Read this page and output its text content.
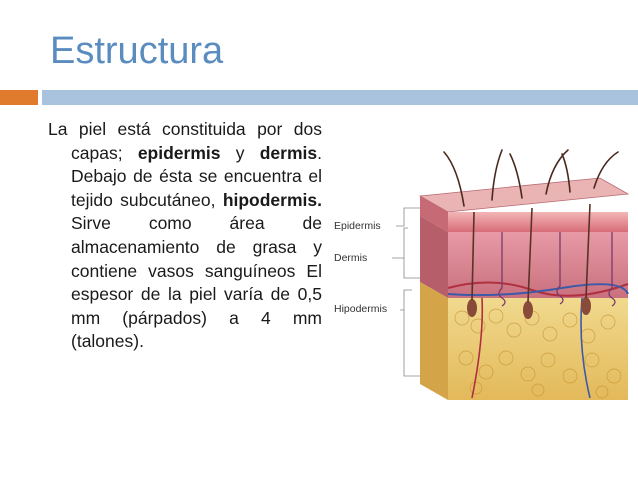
Estructura

La piel está constituida por dos capas; epidermis y dermis. Debajo de ésta se encuentra el tejido subcutáneo, hipodermis. Sirve como área de almacenamiento de grasa y contiene vasos sanguíneos El espesor de la piel varía de 0,5 mm (párpados) a 4 mm (talones).

Epidermis
Dermis
Hipodermis
